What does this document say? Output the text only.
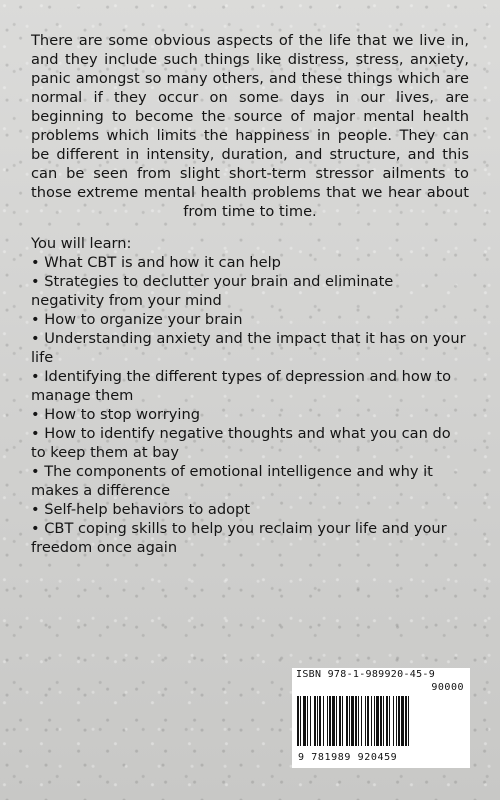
There are some obvious aspects of the life that we live in, and they include such things like distress, stress, anxiety, panic amongst so many others, and these things which are normal if they occur on some days in our lives, are beginning to become the source of major mental health problems which limits the happiness in people. They can be different in intensity, duration, and structure, and this can be seen from slight short-term stressor ailments to those extreme mental health problems that we hear about from time to time.

You will learn:

• What CBT is and how it can help
• Strategies to declutter your brain and eliminate negativity from your mind
• How to organize your brain
• Understanding anxiety and the impact that it has on your life
• Identifying the different types of depression and how to manage them
• How to stop worrying
• How to identify negative thoughts and what you can do to keep them at bay
• The components of emotional intelligence and why it makes a difference
• Self-help behaviors to adopt
• CBT coping skills to help you reclaim your life and your freedom once again
ISBN 978-1-989920-45-9
90000
9 781989 920459
